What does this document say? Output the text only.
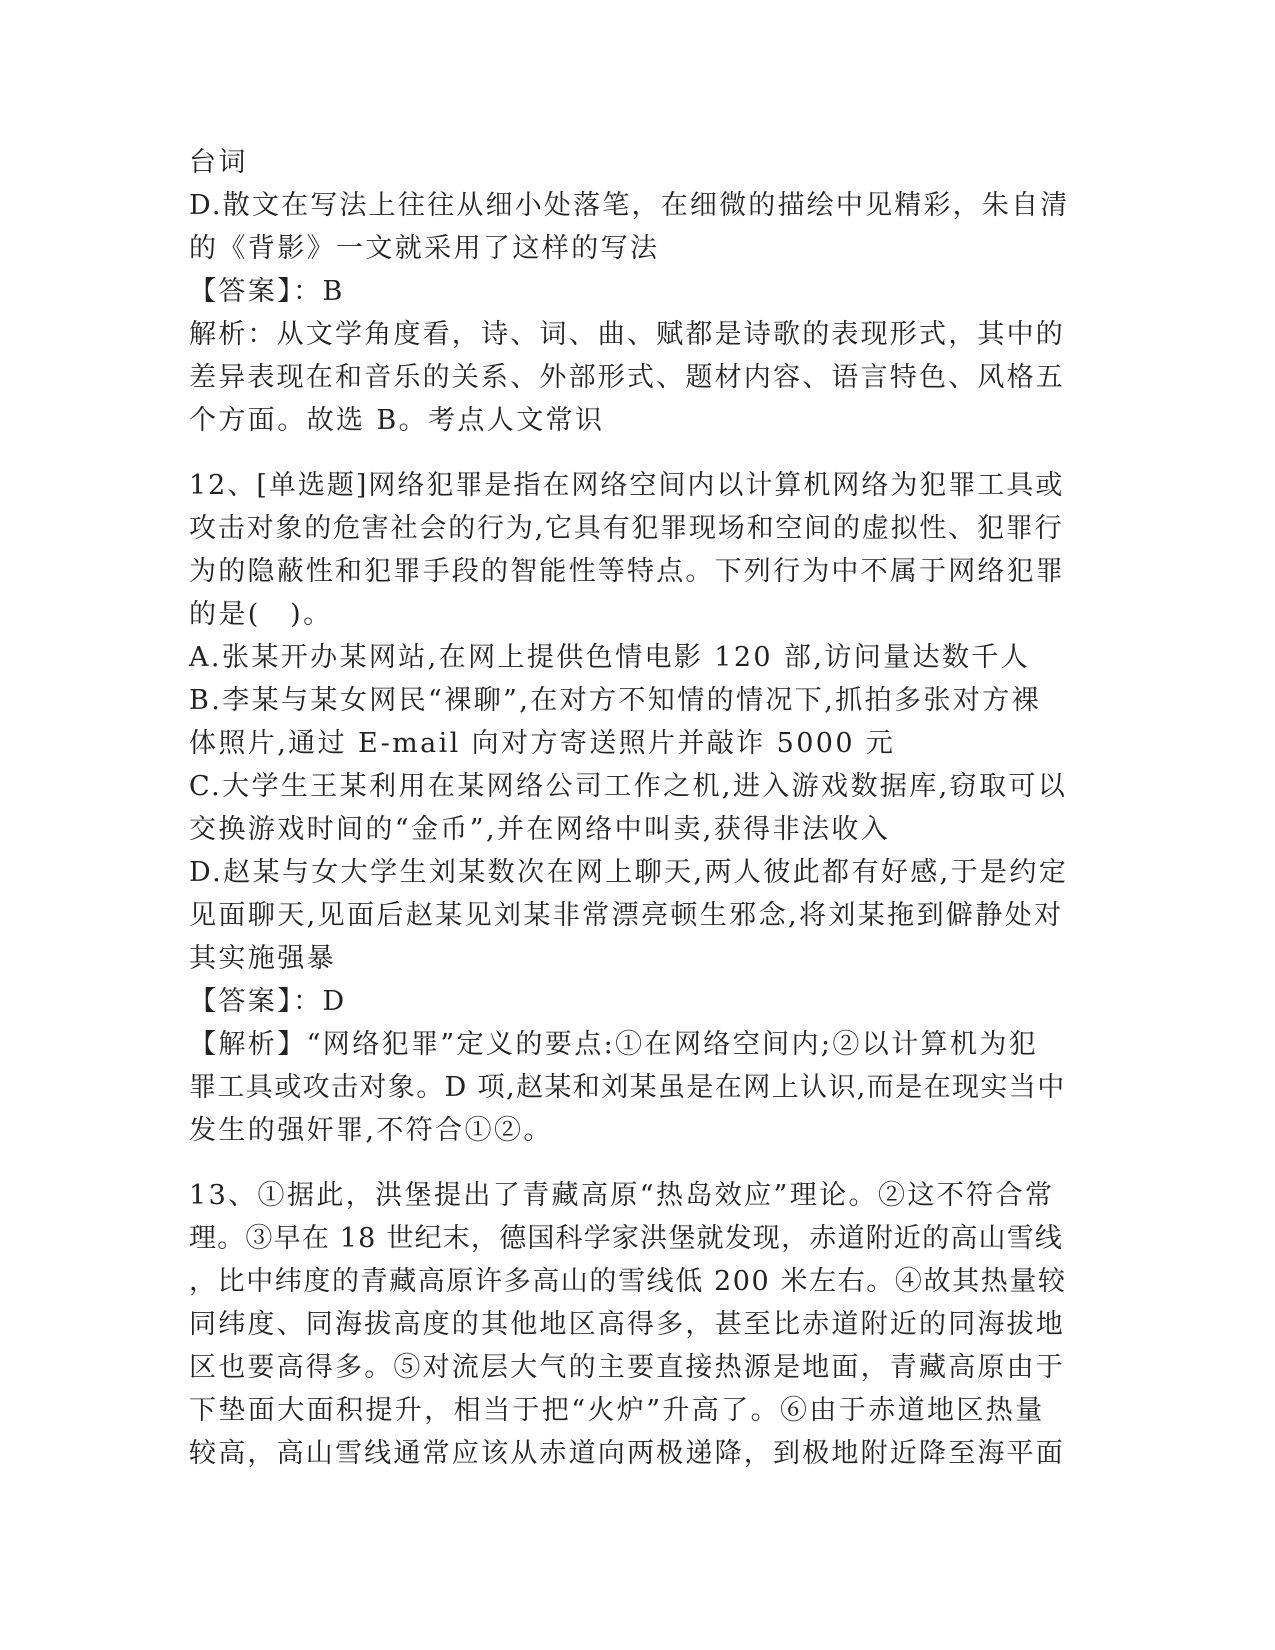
台词
D.散文在写法上往往从细小处落笔，在细微的描绘中见精彩，朱自清
的《背影》一文就采用了这样的写法
【答案】：B
解析：从文学角度看，诗、词、曲、赋都是诗歌的表现形式，其中的
差异表现在和音乐的关系、外部形式、题材内容、语言特色、风格五
个方面。故选 B。考点人文常识
12、[单选题]网络犯罪是指在网络空间内以计算机网络为犯罪工具或
攻击对象的危害社会的行为,它具有犯罪现场和空间的虚拟性、犯罪行
为的隐蔽性和犯罪手段的智能性等特点。下列行为中不属于网络犯罪
的是(　)。
A.张某开办某网站,在网上提供色情电影 120 部,访问量达数千人
B.李某与某女网民“裸聊”,在对方不知情的情况下,抓拍多张对方裸
体照片,通过 E-mail 向对方寄送照片并敲诈 5000 元
C.大学生王某利用在某网络公司工作之机,进入游戏数据库,窃取可以
交换游戏时间的“金币”,并在网络中叫卖,获得非法收入
D.赵某与女大学生刘某数次在网上聊天,两人彼此都有好感,于是约定
见面聊天,见面后赵某见刘某非常漂亮顿生邪念,将刘某拖到僻静处对
其实施强暴
【答案】：D
【解析】“网络犯罪”定义的要点:①在网络空间内;②以计算机为犯
罪工具或攻击对象。D 项,赵某和刘某虽是在网上认识,而是在现实当中
发生的强奸罪,不符合①②。
13、①据此，洪堡提出了青藏高原“热岛效应”理论。②这不符合常
理。③早在 18 世纪末，德国科学家洪堡就发现，赤道附近的高山雪线
，比中纬度的青藏高原许多高山的雪线低 200 米左右。④故其热量较
同纬度、同海拔高度的其他地区高得多，甚至比赤道附近的同海拔地
区也要高得多。⑤对流层大气的主要直接热源是地面，青藏高原由于
下垫面大面积提升，相当于把“火炉”升高了。⑥由于赤道地区热量
较高，高山雪线通常应该从赤道向两极递降，到极地附近降至海平面
